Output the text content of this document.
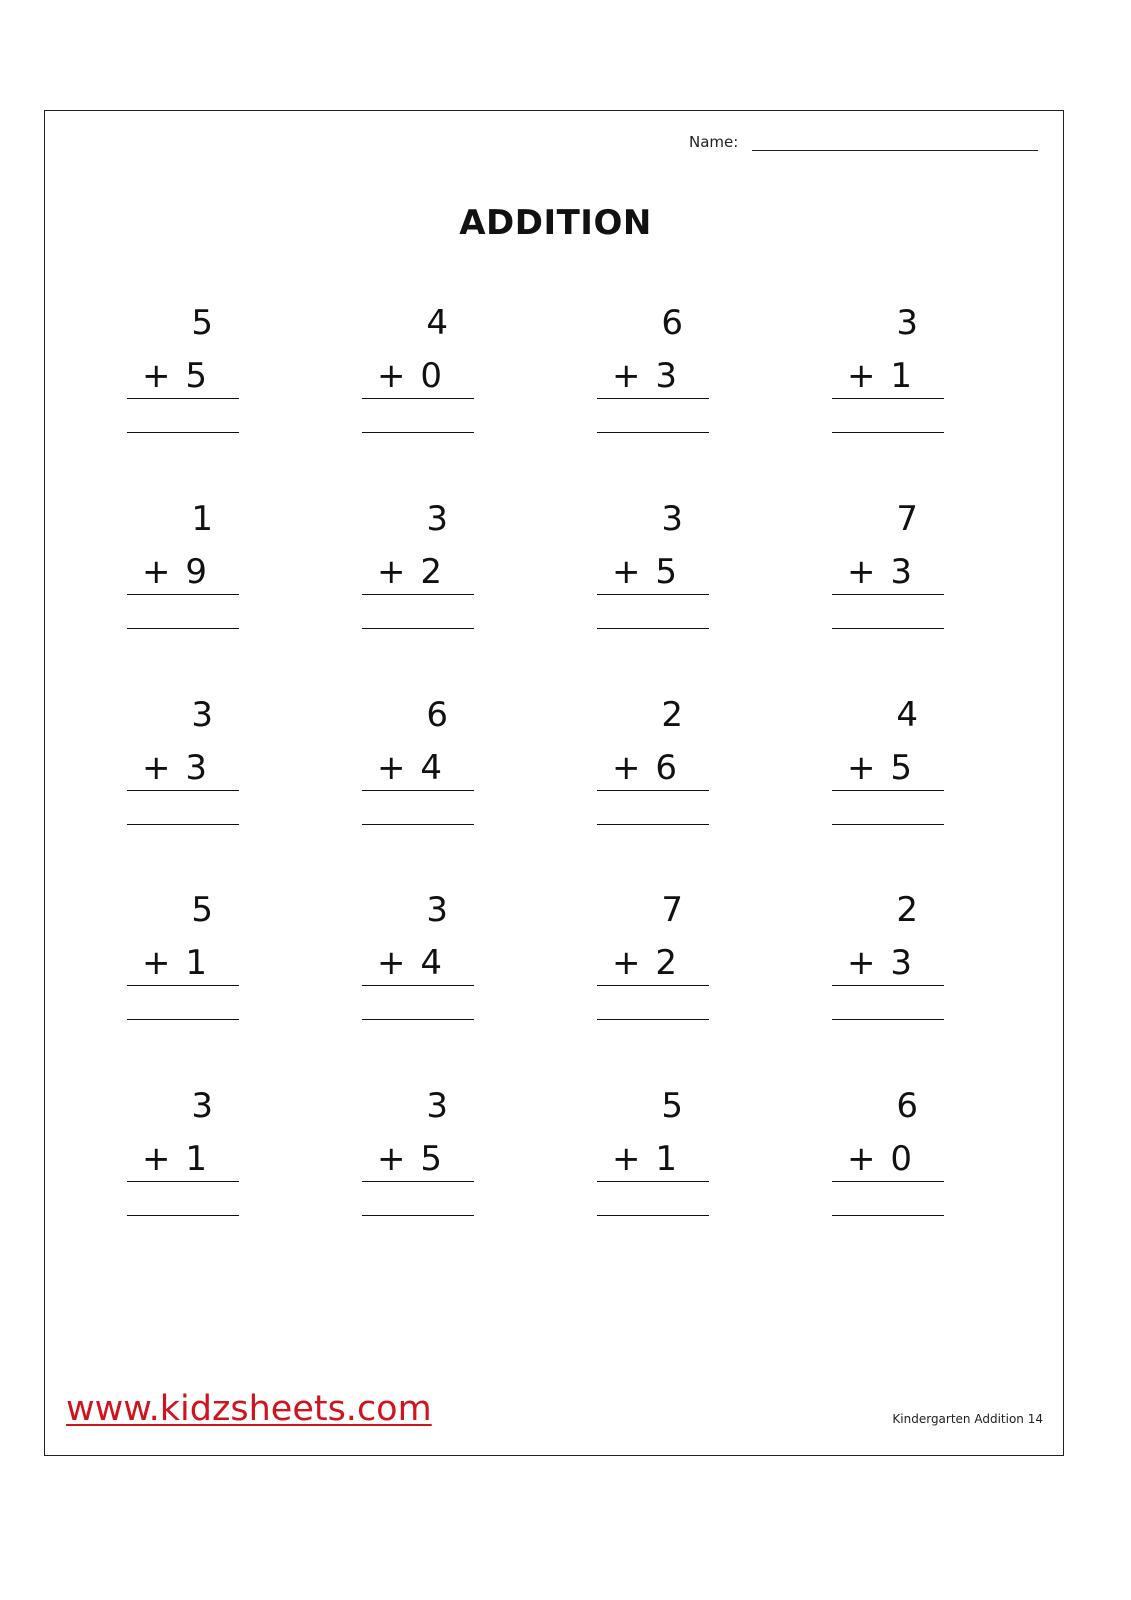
Name:
ADDITION
5
+ 5
4
+ 0
6
+ 3
3
+ 1
1
+ 9
3
+ 2
3
+ 5
7
+ 3
3
+ 3
6
+ 4
2
+ 6
4
+ 5
5
+ 1
3
+ 4
7
+ 2
2
+ 3
3
+ 1
3
+ 5
5
+ 1
6
+ 0
www.kidzsheets.com	Kindergarten Addition 14
